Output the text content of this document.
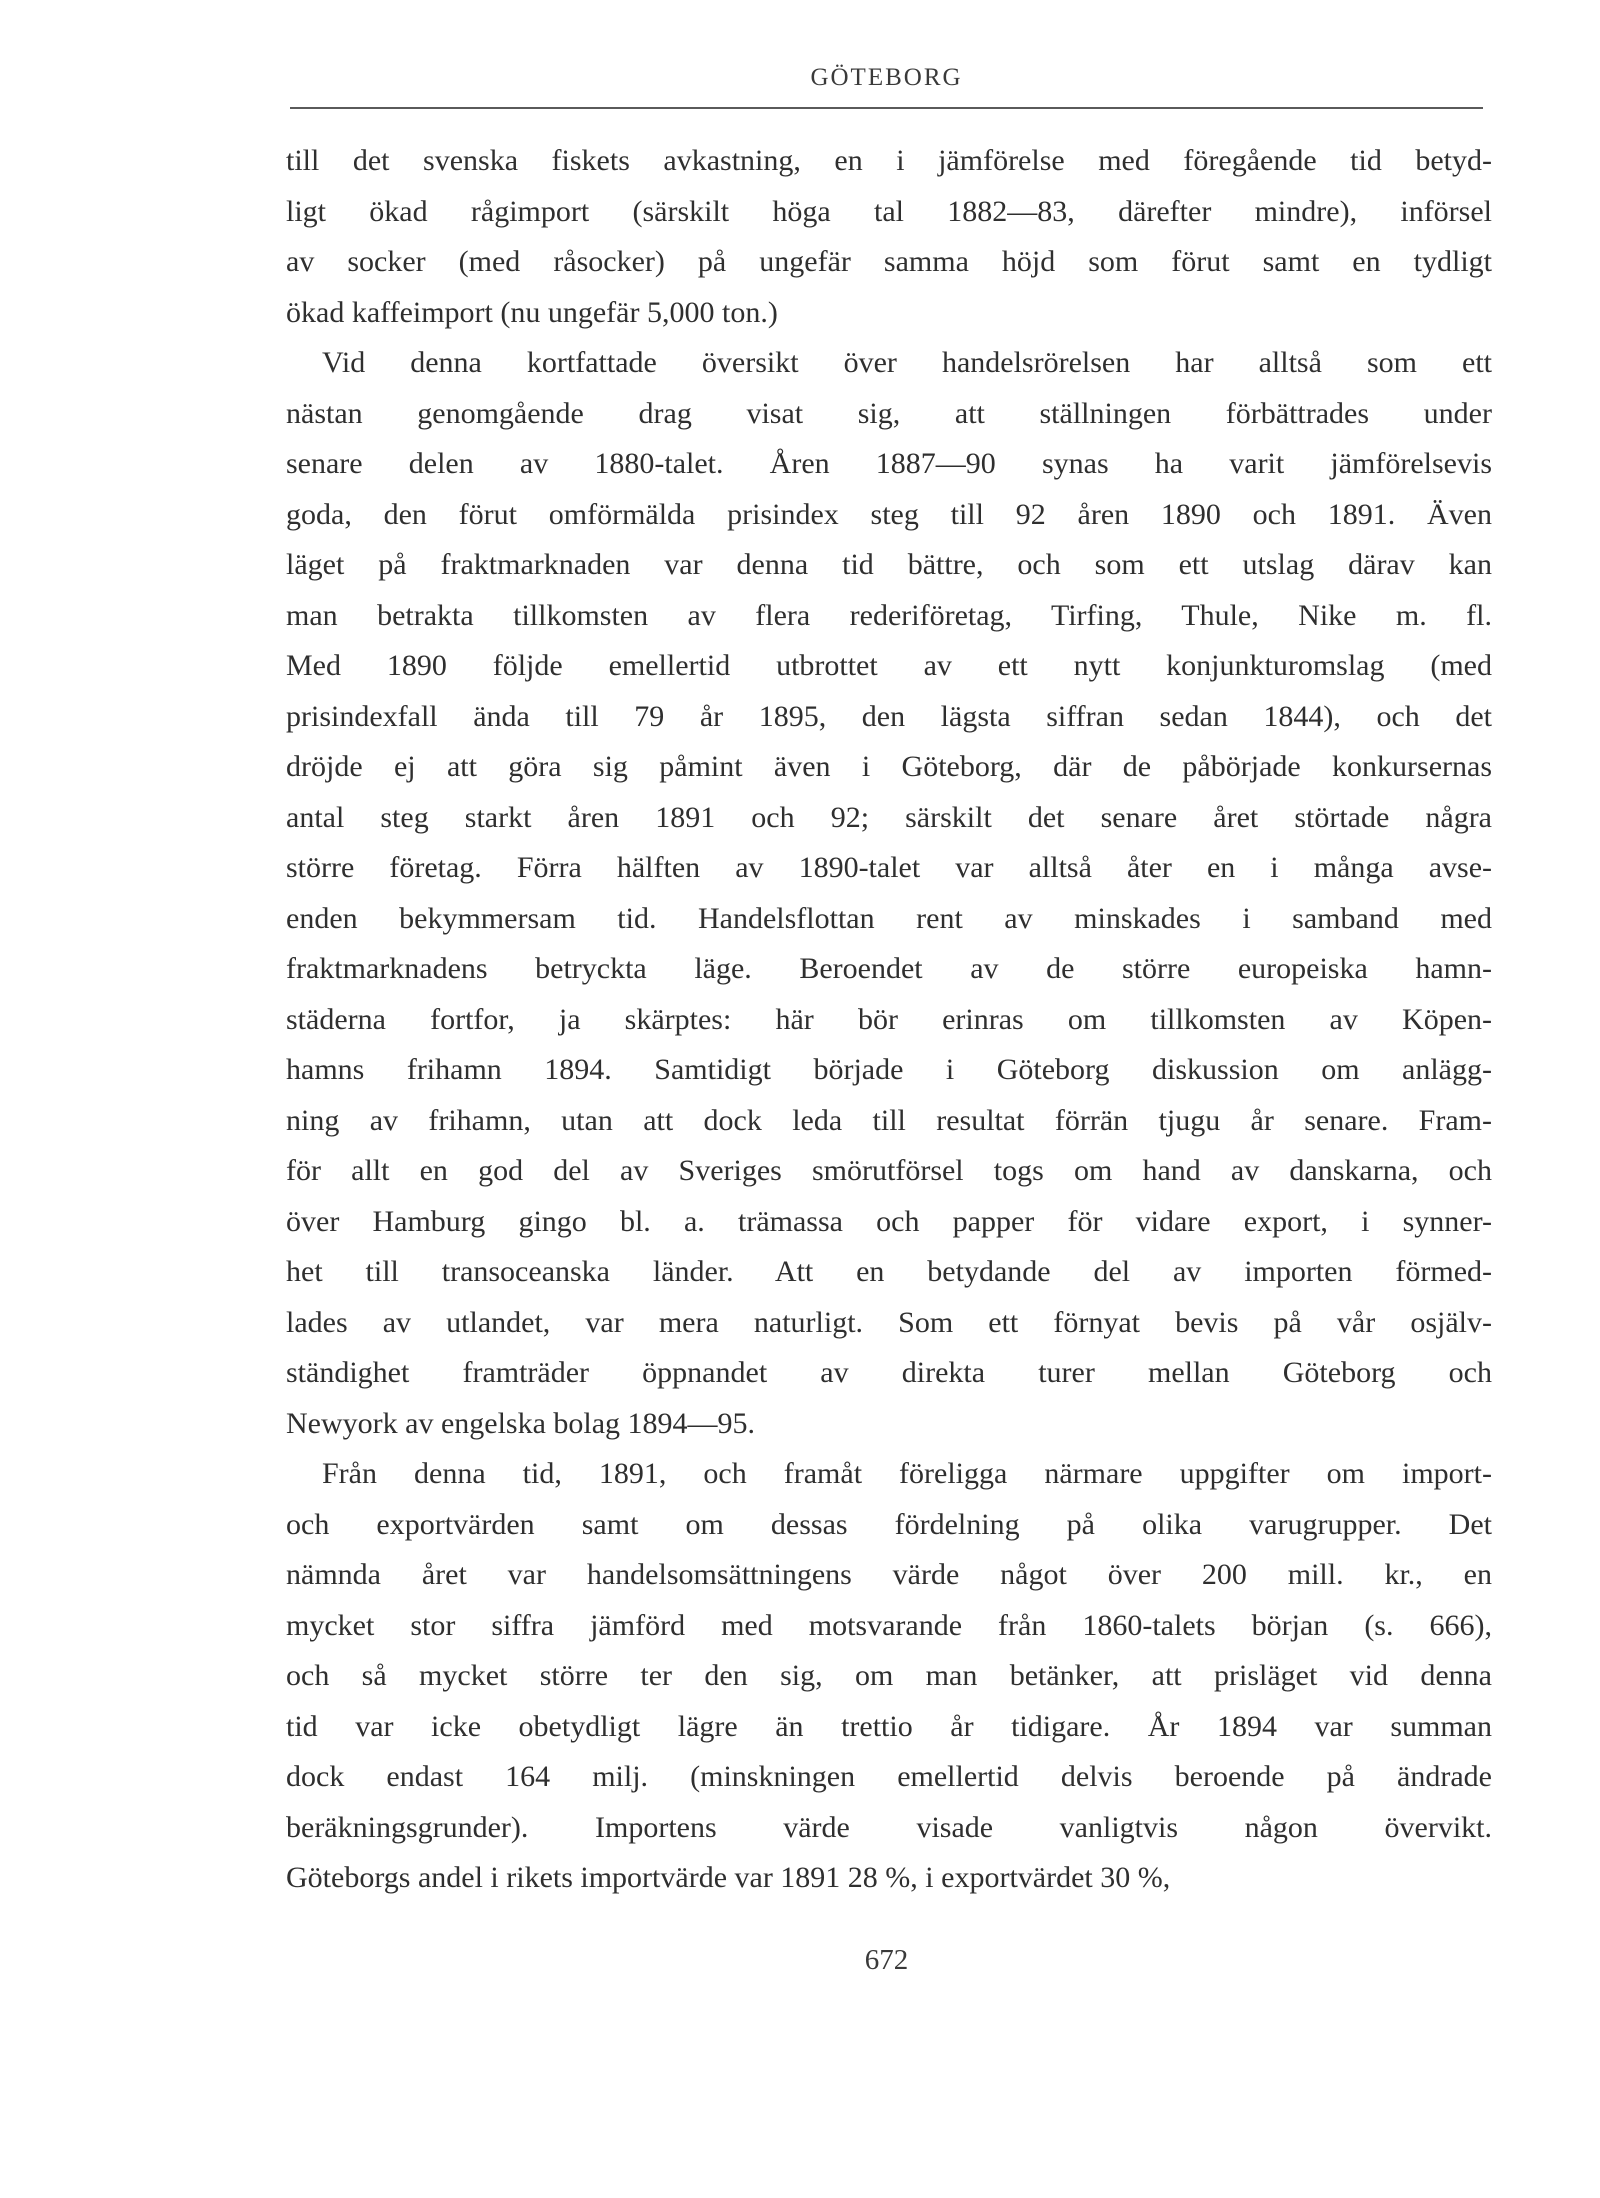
GÖTEBORG
till det svenska fiskets avkastning, en i jämförelse med föregående tid betyd-
ligt ökad rågimport (särskilt höga tal 1882—83, därefter mindre), införsel
av socker (med råsocker) på ungefär samma höjd som förut samt en tydligt
ökad kaffeimport (nu ungefär 5,000 ton.)
Vid denna kortfattade översikt över handelsrörelsen har alltså som ett
nästan genomgående drag visat sig, att ställningen förbättrades under
senare delen av 1880-talet. Åren 1887—90 synas ha varit jämförelsevis
goda, den förut omförmälda prisindex steg till 92 åren 1890 och 1891. Även
läget på fraktmarknaden var denna tid bättre, och som ett utslag därav kan
man betrakta tillkomsten av flera rederiföretag, Tirfing, Thule, Nike m. fl.
Med 1890 följde emellertid utbrottet av ett nytt konjunkturomslag (med
prisindexfall ända till 79 år 1895, den lägsta siffran sedan 1844), och det
dröjde ej att göra sig påmint även i Göteborg, där de påbörjade konkursernas
antal steg starkt åren 1891 och 92; särskilt det senare året störtade några
större företag. Förra hälften av 1890-talet var alltså åter en i många avse-
enden bekymmersam tid. Handelsflottan rent av minskades i samband med
fraktmarknadens betryckta läge. Beroendet av de större europeiska hamn-
städerna fortfor, ja skärptes: här bör erinras om tillkomsten av Köpen-
hamns frihamn 1894. Samtidigt började i Göteborg diskussion om anlägg-
ning av frihamn, utan att dock leda till resultat förrän tjugu år senare. Fram-
för allt en god del av Sveriges smörutförsel togs om hand av danskarna, och
över Hamburg gingo bl. a. trämassa och papper för vidare export, i synner-
het till transoceanska länder. Att en betydande del av importen förmed-
lades av utlandet, var mera naturligt. Som ett förnyat bevis på vår osjälv-
ständighet framträder öppnandet av direkta turer mellan Göteborg och
Newyork av engelska bolag 1894—95.
Från denna tid, 1891, och framåt föreligga närmare uppgifter om import-
och exportvärden samt om dessas fördelning på olika varugrupper. Det
nämnda året var handelsomsättningens värde något över 200 mill. kr., en
mycket stor siffra jämförd med motsvarande från 1860-talets början (s. 666),
och så mycket större ter den sig, om man betänker, att prisläget vid denna
tid var icke obetydligt lägre än trettio år tidigare. År 1894 var summan
dock endast 164 milj. (minskningen emellertid delvis beroende på ändrade
beräkningsgrunder). Importens värde visade vanligtvis någon övervikt.
Göteborgs andel i rikets importvärde var 1891 28 %, i exportvärdet 30 %,
672
